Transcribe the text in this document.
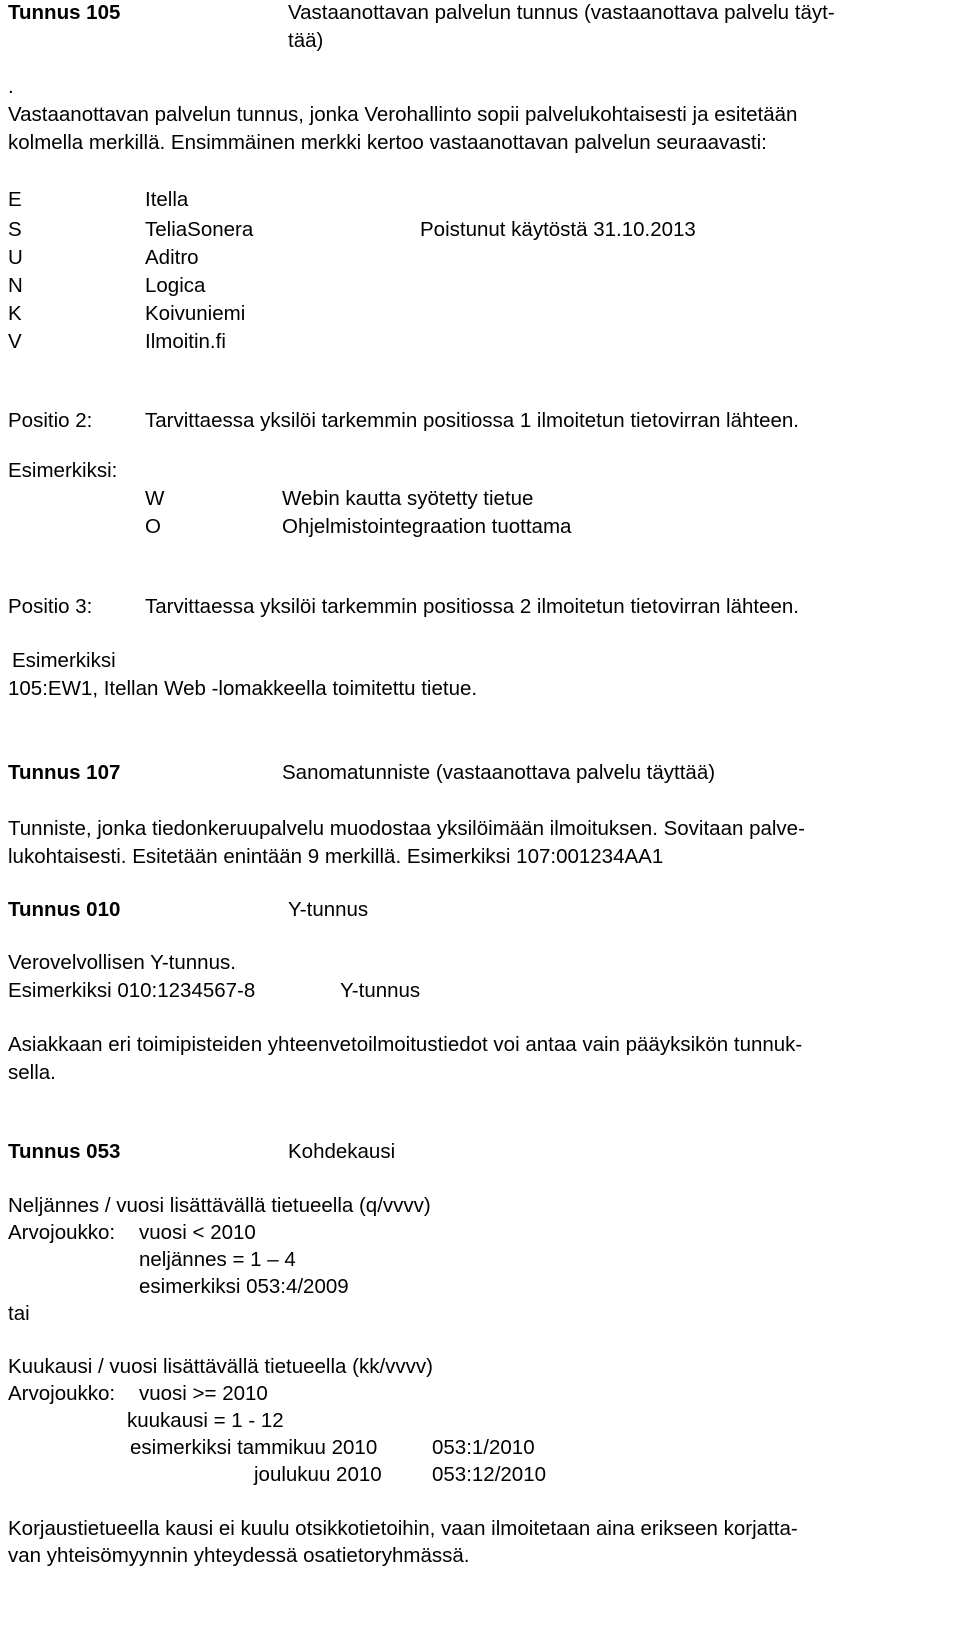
Tunnus 105	Vastaanottavan palvelun tunnus (vastaanottava palvelu täyt-
tää)
.
Vastaanottavan palvelun tunnus, jonka Verohallinto sopii palvelukohtaisesti ja esitetään
kolmella merkillä. Ensimmäinen merkki kertoo vastaanottavan palvelun seuraavasti:
E	Itella
S	TeliaSonera	Poistunut käytöstä 31.10.2013
U	Aditro
N	Logica
K	Koivuniemi
V	Ilmoitin.fi
Positio 2:	Tarvittaessa yksilöi tarkemmin positiossa 1 ilmoitetun tietovirran lähteen.
Esimerkiksi:
W	Webin kautta syötetty tietue
O	Ohjelmistointegraation tuottama
Positio 3:	Tarvittaessa yksilöi tarkemmin positiossa 2 ilmoitetun tietovirran lähteen.
Esimerkiksi
105:EW1, Itellan Web -lomakkeella toimitettu tietue.
Tunnus 107	Sanomatunniste (vastaanottava palvelu täyttää)
Tunniste, jonka tiedonkeruupalvelu muodostaa yksilöimään ilmoituksen. Sovitaan palve-
lukohtaisesti. Esitetään enintään 9 merkillä. Esimerkiksi 107:001234AA1
Tunnus 010	Y-tunnus
Verovelvollisen Y-tunnus.
Esimerkiksi 010:1234567-8	Y-tunnus
Asiakkaan eri toimipisteiden yhteenvetoilmoitustiedot voi antaa vain pääyksikön tunnuk-
sella.
Tunnus 053	Kohdekausi
Neljännes / vuosi lisättävällä tietueella (q/vvvv)
Arvojoukko: vuosi < 2010
neljännes = 1 – 4
esimerkiksi 053:4/2009
tai
Kuukausi / vuosi lisättävällä tietueella (kk/vvvv)
Arvojoukko: vuosi >= 2010
kuukausi = 1 - 12
esimerkiksi tammikuu 2010	053:1/2010
joulukuu 2010 053:12/2010
Korjaustietueella kausi ei kuulu otsikkotietoihin, vaan ilmoitetaan aina erikseen korjatta-
van yhteisömyynnin yhteydessä osatietoryhmässä.
